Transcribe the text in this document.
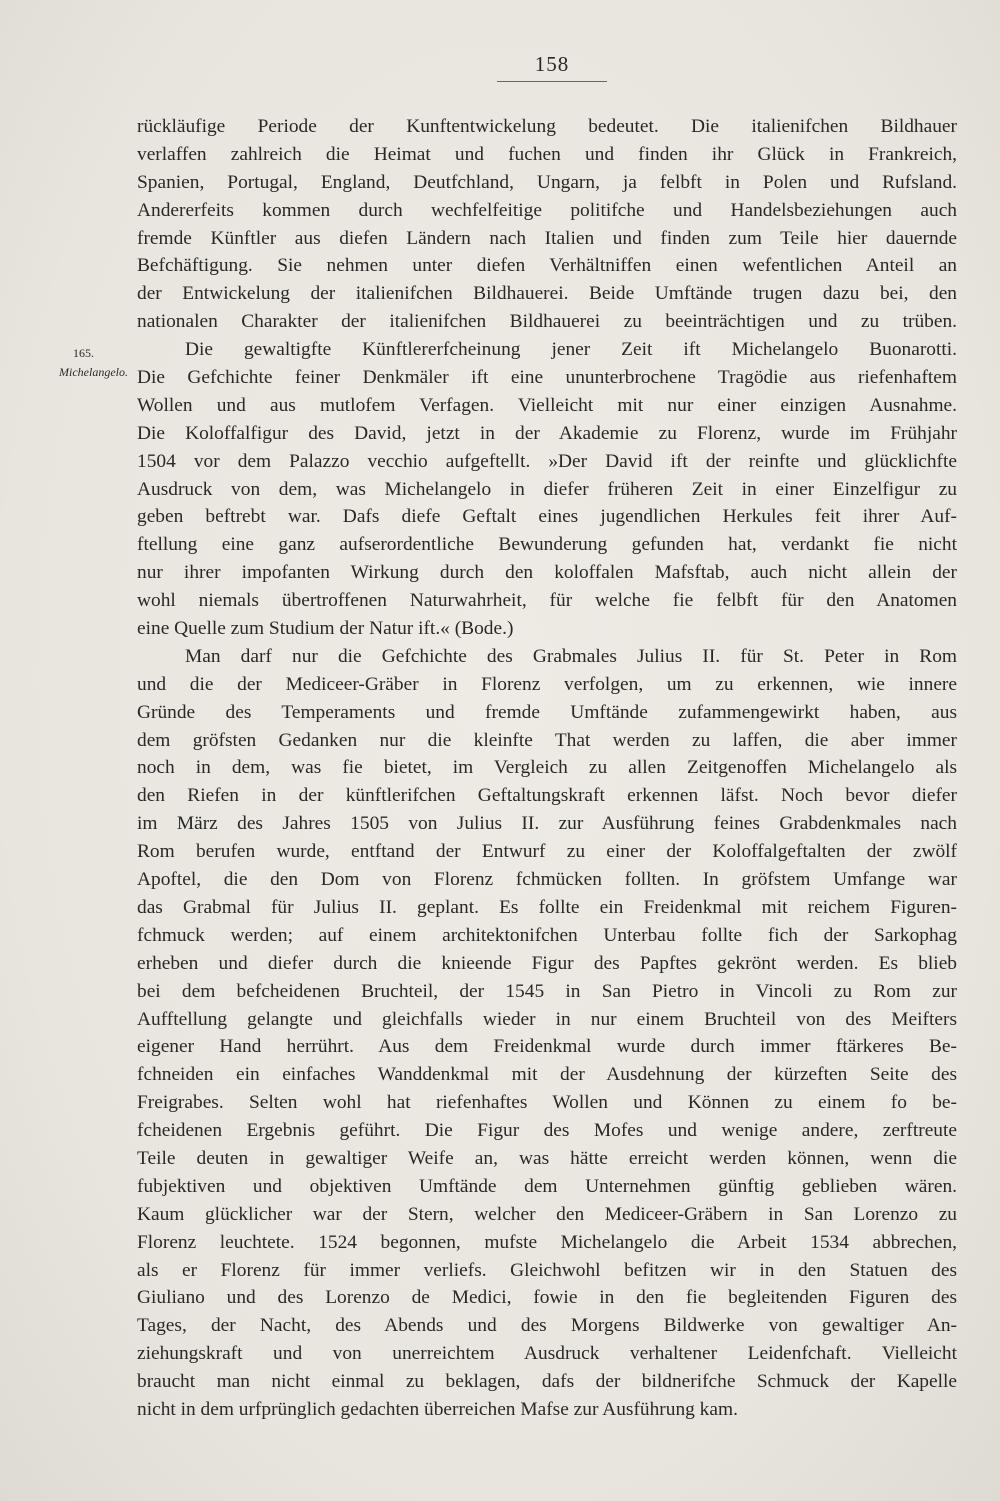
158
165.
Michelangelo.
rückläufige Periode der Kunftentwickelung bedeutet. Die italienifchen Bildhauer
verlaffen zahlreich die Heimat und fuchen und finden ihr Glück in Frankreich,
Spanien, Portugal, England, Deutfchland, Ungarn, ja felbft in Polen und Rufsland.
Andererfeits kommen durch wechfelfeitige politifche und Handelsbeziehungen auch
fremde Künftler aus diefen Ländern nach Italien und finden zum Teile hier dauernde
Befchäftigung. Sie nehmen unter diefen Verhältniffen einen wefentlichen Anteil an
der Entwickelung der italienifchen Bildhauerei. Beide Umftände trugen dazu bei, den
nationalen Charakter der italienifchen Bildhauerei zu beeinträchtigen und zu trüben.
Die gewaltigfte Künftlererfcheinung jener Zeit ift Michelangelo Buonarotti.
Die Gefchichte feiner Denkmäler ift eine ununterbrochene Tragödie aus riefenhaftem
Wollen und aus mutlofem Verfagen. Vielleicht mit nur einer einzigen Ausnahme.
Die Koloffalfigur des David, jetzt in der Akademie zu Florenz, wurde im Frühjahr
1504 vor dem Palazzo vecchio aufgeftellt. »Der David ift der reinfte und glücklichfte
Ausdruck von dem, was Michelangelo in diefer früheren Zeit in einer Einzelfigur zu
geben beftrebt war. Dafs diefe Geftalt eines jugendlichen Herkules feit ihrer Auf-
ftellung eine ganz aufserordentliche Bewunderung gefunden hat, verdankt fie nicht
nur ihrer impofanten Wirkung durch den koloffalen Mafsftab, auch nicht allein der
wohl niemals übertroffenen Naturwahrheit, für welche fie felbft für den Anatomen
eine Quelle zum Studium der Natur ift.« (Bode.)
Man darf nur die Gefchichte des Grabmales Julius II. für St. Peter in Rom
und die der Mediceer-Gräber in Florenz verfolgen, um zu erkennen, wie innere
Gründe des Temperaments und fremde Umftände zufammengewirkt haben, aus
dem gröfsten Gedanken nur die kleinfte That werden zu laffen, die aber immer
noch in dem, was fie bietet, im Vergleich zu allen Zeitgenoffen Michelangelo als
den Riefen in der künftlerifchen Geftaltungskraft erkennen läfst. Noch bevor diefer
im März des Jahres 1505 von Julius II. zur Ausführung feines Grabdenkmales nach
Rom berufen wurde, entftand der Entwurf zu einer der Koloffalgeftalten der zwölf
Apoftel, die den Dom von Florenz fchmücken follten. In gröfstem Umfange war
das Grabmal für Julius II. geplant. Es follte ein Freidenkmal mit reichem Figuren-
fchmuck werden; auf einem architektonifchen Unterbau follte fich der Sarkophag
erheben und diefer durch die knieende Figur des Papftes gekrönt werden. Es blieb
bei dem befcheidenen Bruchteil, der 1545 in San Pietro in Vincoli zu Rom zur
Aufftellung gelangte und gleichfalls wieder in nur einem Bruchteil von des Meifters
eigener Hand herrührt. Aus dem Freidenkmal wurde durch immer ftärkeres Be-
fchneiden ein einfaches Wanddenkmal mit der Ausdehnung der kürzeften Seite des
Freigrabes. Selten wohl hat riefenhaftes Wollen und Können zu einem fo be-
fcheidenen Ergebnis geführt. Die Figur des Mofes und wenige andere, zerftreute
Teile deuten in gewaltiger Weife an, was hätte erreicht werden können, wenn die
fubjektiven und objektiven Umftände dem Unternehmen günftig geblieben wären.
Kaum glücklicher war der Stern, welcher den Mediceer-Gräbern in San Lorenzo zu
Florenz leuchtete. 1524 begonnen, mufste Michelangelo die Arbeit 1534 abbrechen,
als er Florenz für immer verliefs. Gleichwohl befitzen wir in den Statuen des
Giuliano und des Lorenzo de Medici, fowie in den fie begleitenden Figuren des
Tages, der Nacht, des Abends und des Morgens Bildwerke von gewaltiger An-
ziehungskraft und von unerreichtem Ausdruck verhaltener Leidenfchaft. Vielleicht
braucht man nicht einmal zu beklagen, dafs der bildnerifche Schmuck der Kapelle
nicht in dem urfprünglich gedachten überreichen Mafse zur Ausführung kam.
